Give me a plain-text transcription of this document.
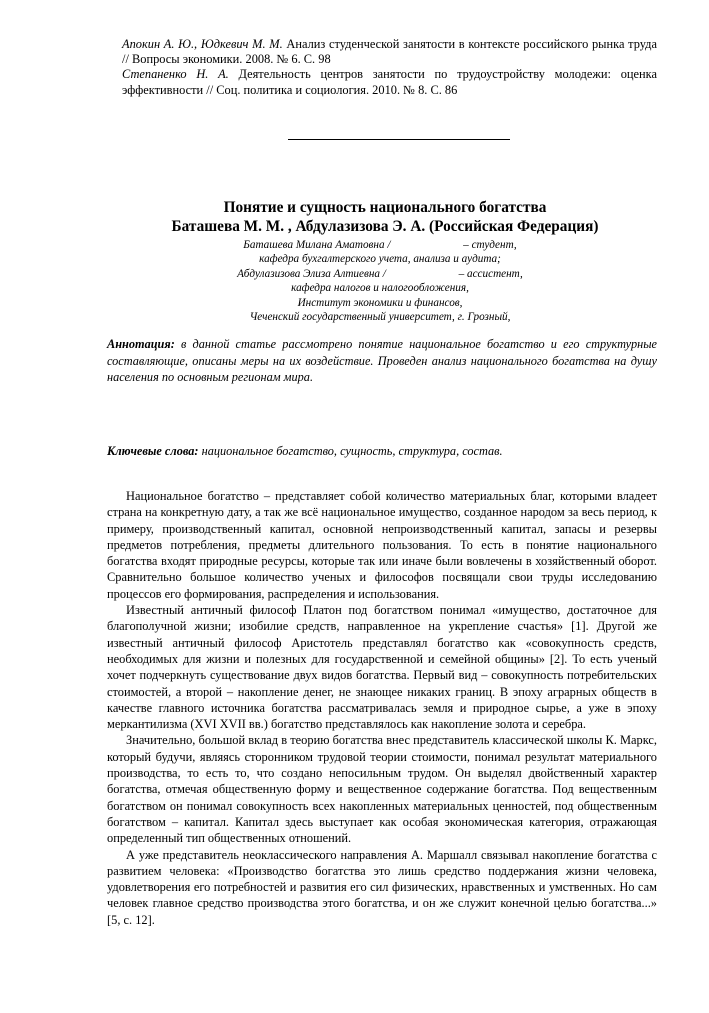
Апокин А. Ю., Юдкевич М. М. Анализ студенческой занятости в контексте российского рынка труда // Вопросы экономики. 2008. № 6. С. 98

Степаненко Н. А. Деятельность центров занятости по трудоустройству молодежи: оценка эффективности // Соц. политика и социология. 2010. № 8. С. 86

Понятие и сущность национального богатства
Баташева М. М. , Абдулазизова Э. А. (Российская Федерация)
Баташева Милана Аматовна /                          – студент,
кафедра бухгалтерского учета, анализа и аудита;
Абдулазизова Элиза Алтиевна /                          – ассистент,
кафедра налогов и налогообложения,
Институт экономики и финансов,
Чеченский государственный университет, г. Грозный,
Аннотация: в данной статье рассмотрено понятие национальное богатство и его структурные составляющие, описаны меры на их воздействие. Проведен анализ национального богатства на душу населения по основным регионам мира.
Ключевые слова: национальное богатство, сущность, структура, состав.

Национальное богатство – представляет собой количество материальных благ, которыми владеет страна на конкретную дату, а так же всё национальное имущество, созданное народом за весь период, к примеру, производственный капитал, основной непроизводственный капитал, запасы и резервы предметов потребления, предметы длительного пользования. То есть в понятие национального богатства входят природные ресурсы, которые так или иначе были вовлечены в хозяйственный оборот. Сравнительно большое количество ученых и философов посвящали свои труды исследованию процессов его формирования, распределения и использования.

Известный античный философ Платон под богатством понимал «имущество, достаточное для благополучной жизни; изобилие средств, направленное на укрепление счастья» [1]. Другой же известный античный философ Аристотель представлял богатство как «совокупность средств, необходимых для жизни и полезных для государственной и семейной общины» [2]. То есть ученый хочет подчеркнуть существование двух видов богатства. Первый вид – совокупность потребительских стоимостей, а второй – накопление денег, не знающее никаких границ. В эпоху аграрных обществ в качестве главного источника богатства рассматривалась земля и природное сырье, а уже в эпоху меркантилизма (XVI XVII вв.) богатство представлялось как накопление золота и серебра.

Значительно, большой вклад в теорию богатства внес представитель классической школы К. Маркс, который будучи, являясь сторонником трудовой теории стоимости, понимал результат материального производства, то есть то, что создано непосильным трудом. Он выделял двойственный характер богатства, отмечая общественную форму и вещественное содержание богатства. Под вещественным богатством он понимал совокупность всех накопленных материальных ценностей, под общественным богатством – капитал. Капитал здесь выступает как особая экономическая категория, отражающая определенный тип общественных отношений.

А уже представитель неоклассического направления А. Маршалл связывал накопление богатства с развитием человека: «Производство богатства это лишь средство поддержания жизни человека, удовлетворения его потребностей и развития его сил физических, нравственных и умственных. Но сам человек главное средство производства этого богатства, и он же служит конечной целью богатства...» [5, с. 12].
